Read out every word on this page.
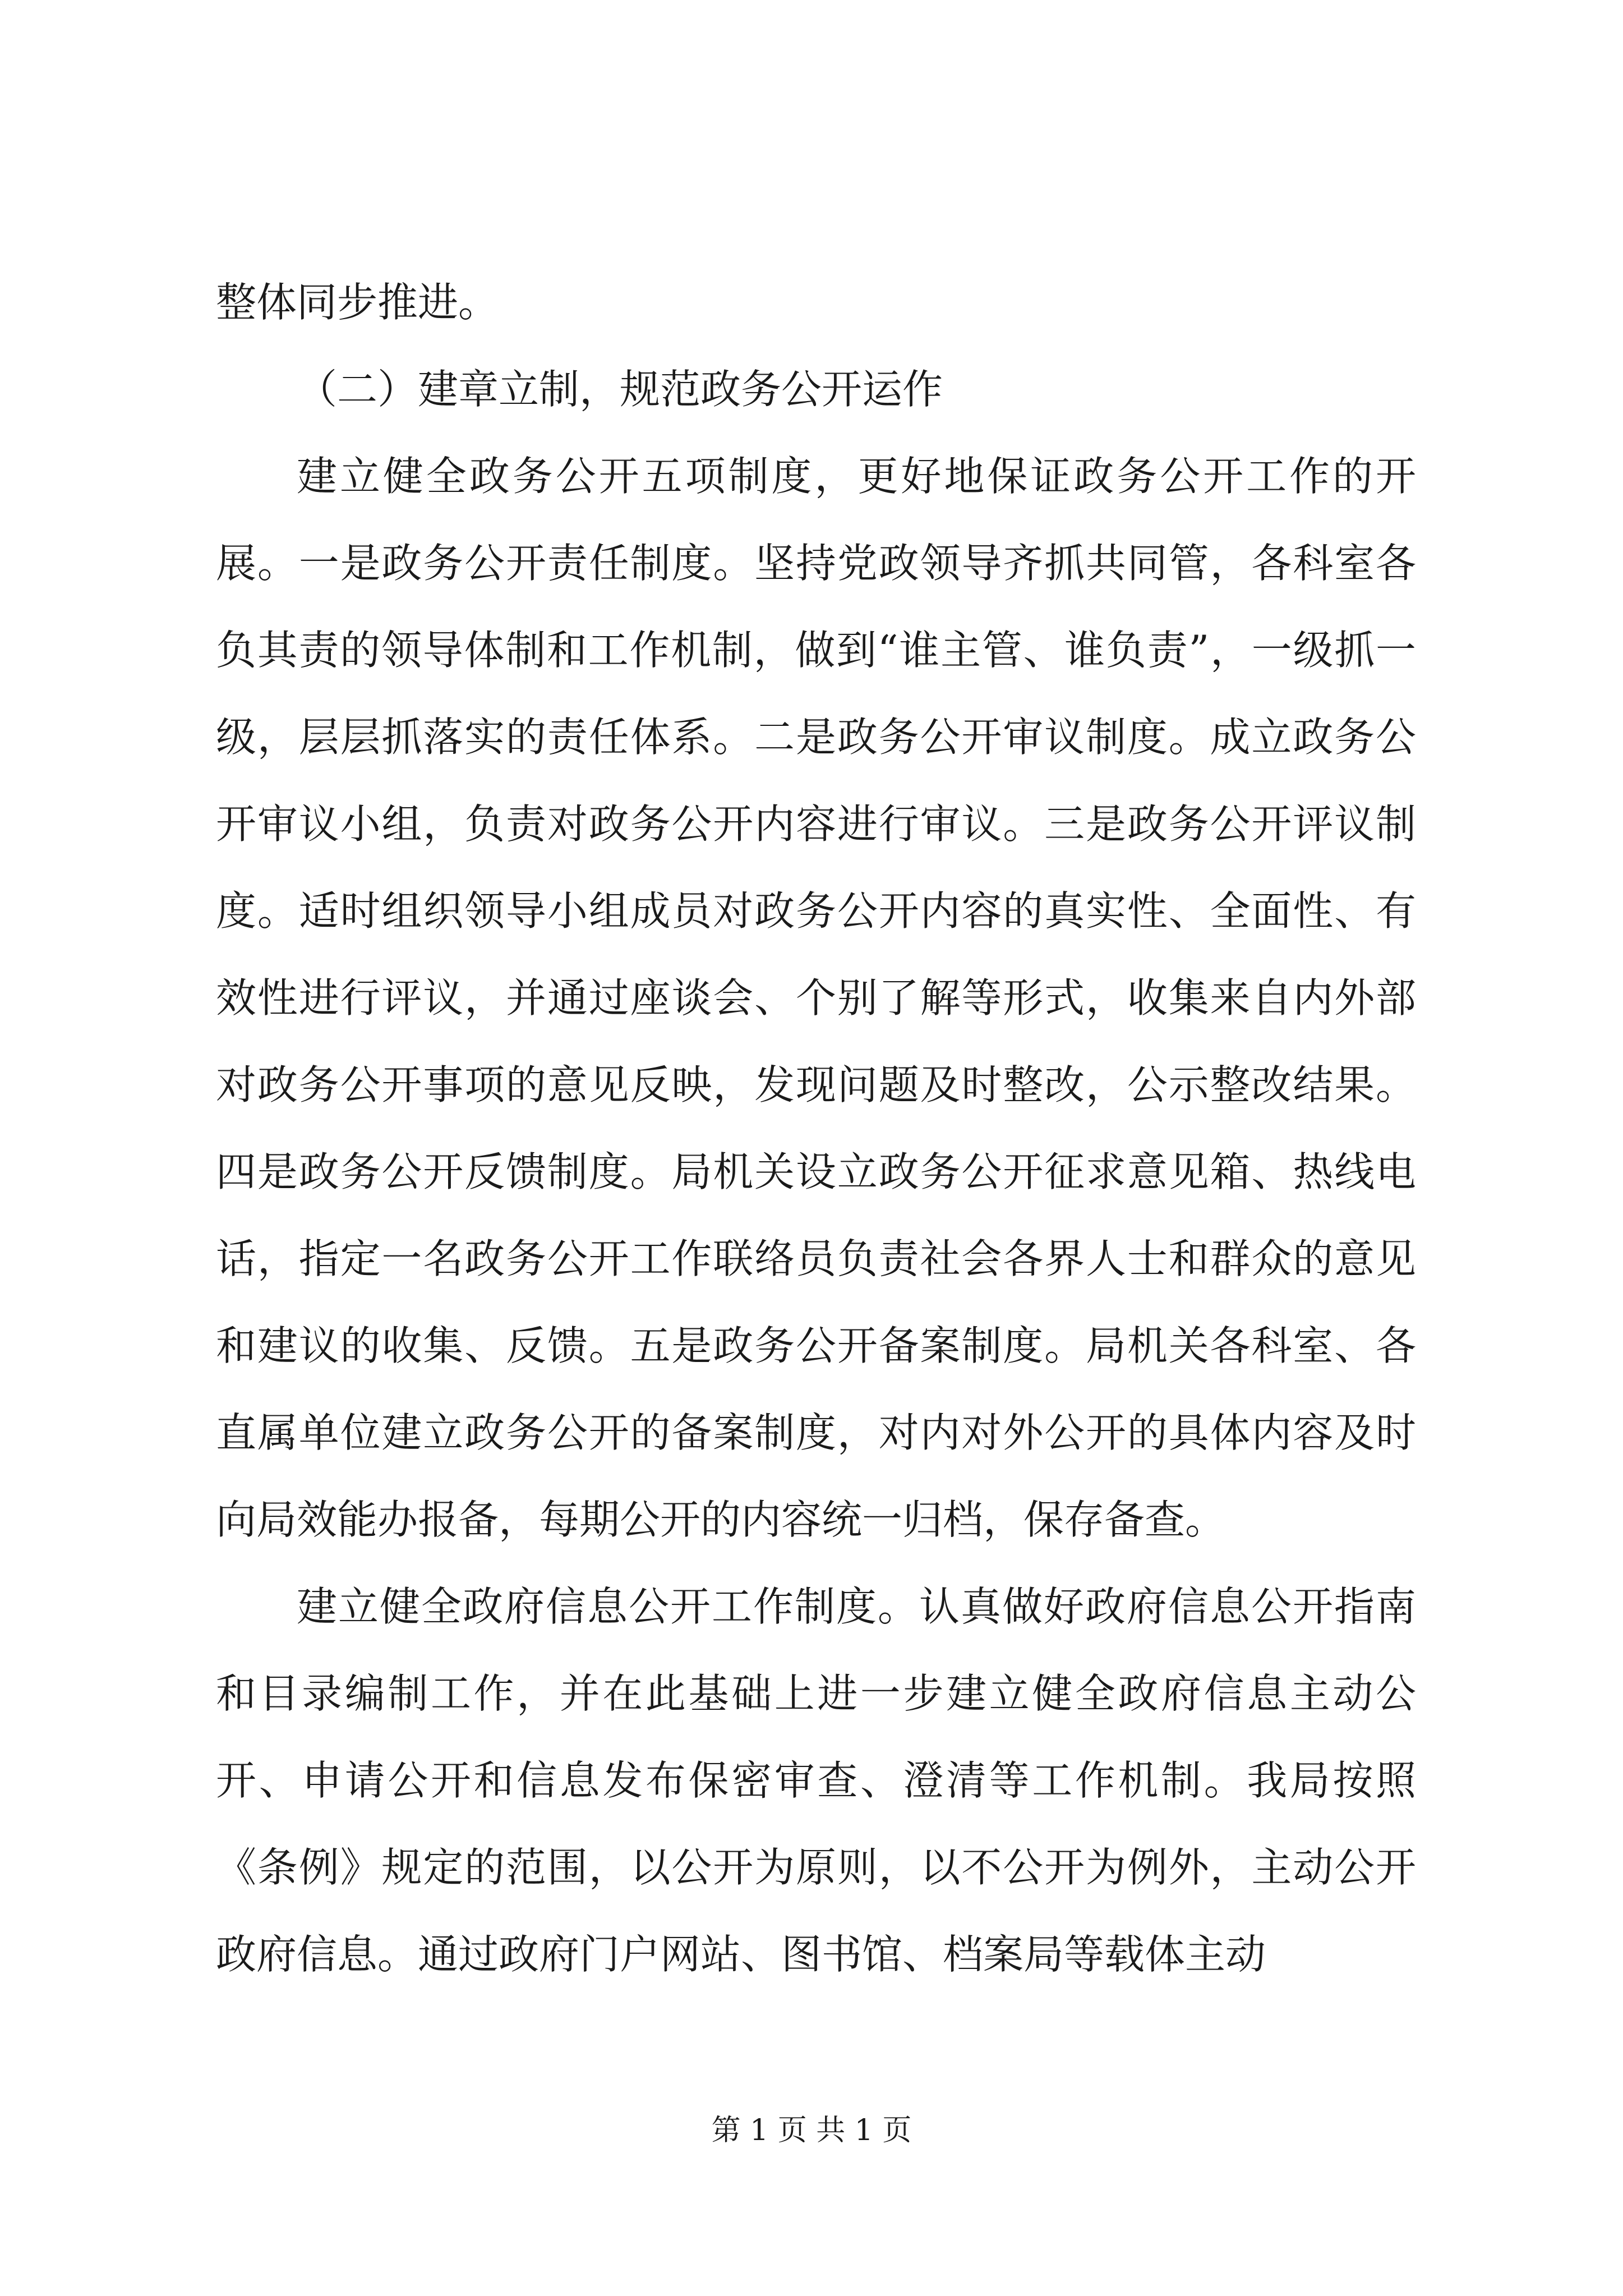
整体同步推进。

（二）建章立制，规范政务公开运作

建立健全政务公开五项制度，更好地保证政务公开工作的开展。一是政务公开责任制度。坚持党政领导齐抓共同管，各科室各负其责的领导体制和工作机制，做到“谁主管、谁负责”，一级抓一级，层层抓落实的责任体系。二是政务公开审议制度。成立政务公开审议小组，负责对政务公开内容进行审议。三是政务公开评议制度。适时组织领导小组成员对政务公开内容的真实性、全面性、有效性进行评议，并通过座谈会、个别了解等形式，收集来自内外部对政务公开事项的意见反映，发现问题及时整改，公示整改结果。四是政务公开反馈制度。局机关设立政务公开征求意见箱、热线电话，指定一名政务公开工作联络员负责社会各界人士和群众的意见和建议的收集、反馈。五是政务公开备案制度。局机关各科室、各直属单位建立政务公开的备案制度，对内对外公开的具体内容及时向局效能办报备，每期公开的内容统一归档，保存备查。

建立健全政府信息公开工作制度。认真做好政府信息公开指南和目录编制工作，并在此基础上进一步建立健全政府信息主动公开、申请公开和信息发布保密审查、澄清等工作机制。我局按照《条例》规定的范围，以公开为原则，以不公开为例外，主动公开政府信息。通过政府门户网站、图书馆、档案局等载体主动

第 1 页 共 1 页
